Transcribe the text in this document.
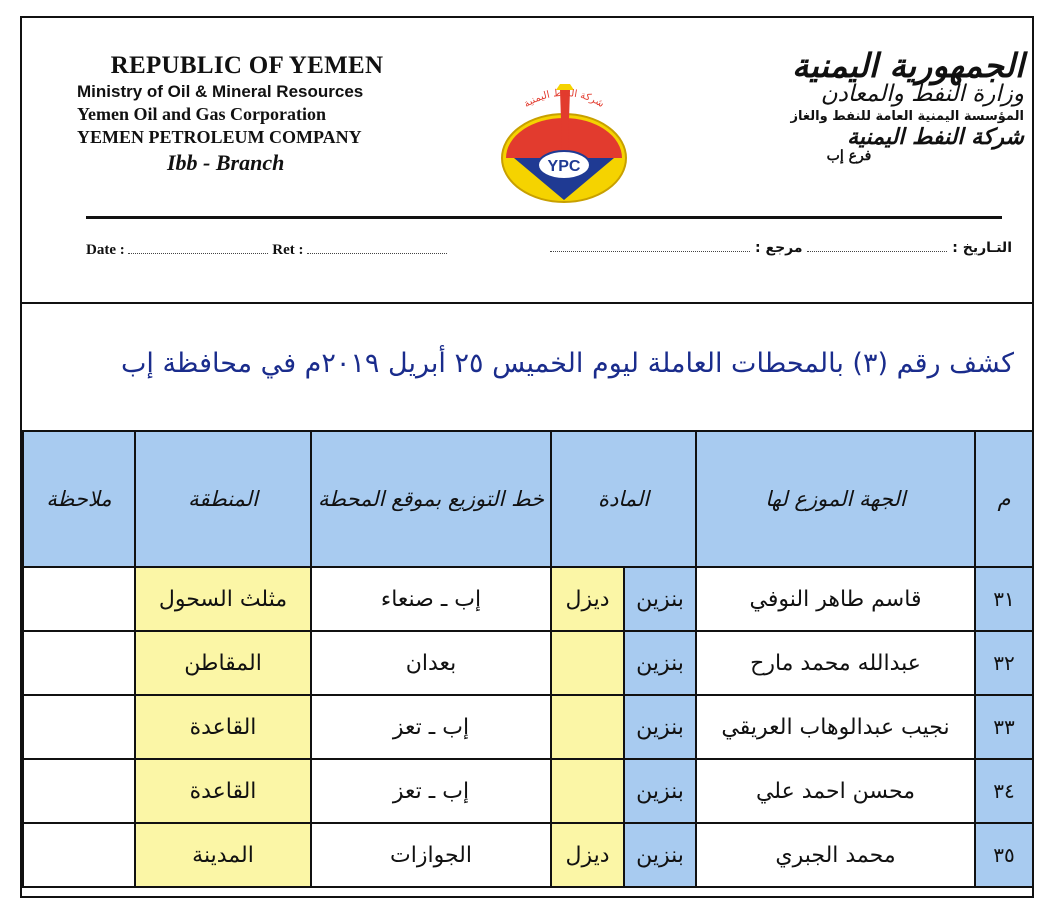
REPUBLIC OF YEMEN
Ministry of Oil & Mineral Resources
Yemen Oil and Gas Corporation
YEMEN PETROLEUM COMPANY
Ibb - Branch	YPC
شركة النفط اليمنية
الجمهورية اليمنية
وزارة النفط والمعادن
المؤسسة اليمنية العامة للنفط والغاز
شركة النفط اليمنية
فرع إب
Date :	Ret :	التـاريخ :  مرجع :
كشف رقم (٣) بالمحطات العاملة ليوم الخميس ٢٥ أبريل ٢٠١٩م في محافظة إب
م	الجهة الموزع لها	المادة		خط التوزيع بموقع المحطة	المنطقة	ملاحظة
٣١	قاسم طاهر النوفي	بنزين	ديزل	إب ـ صنعاء	مثلث السحول	
٣٢	عبدالله محمد مارح	بنزين		بعدان	المقاطن	
٣٣	نجيب عبدالوهاب العريقي	بنزين		إب ـ تعز	القاعدة	
٣٤	محسن احمد علي	بنزين		إب ـ تعز	القاعدة	
٣٥	محمد الجبري	بنزين	ديزل	الجوازات	المدينة	
